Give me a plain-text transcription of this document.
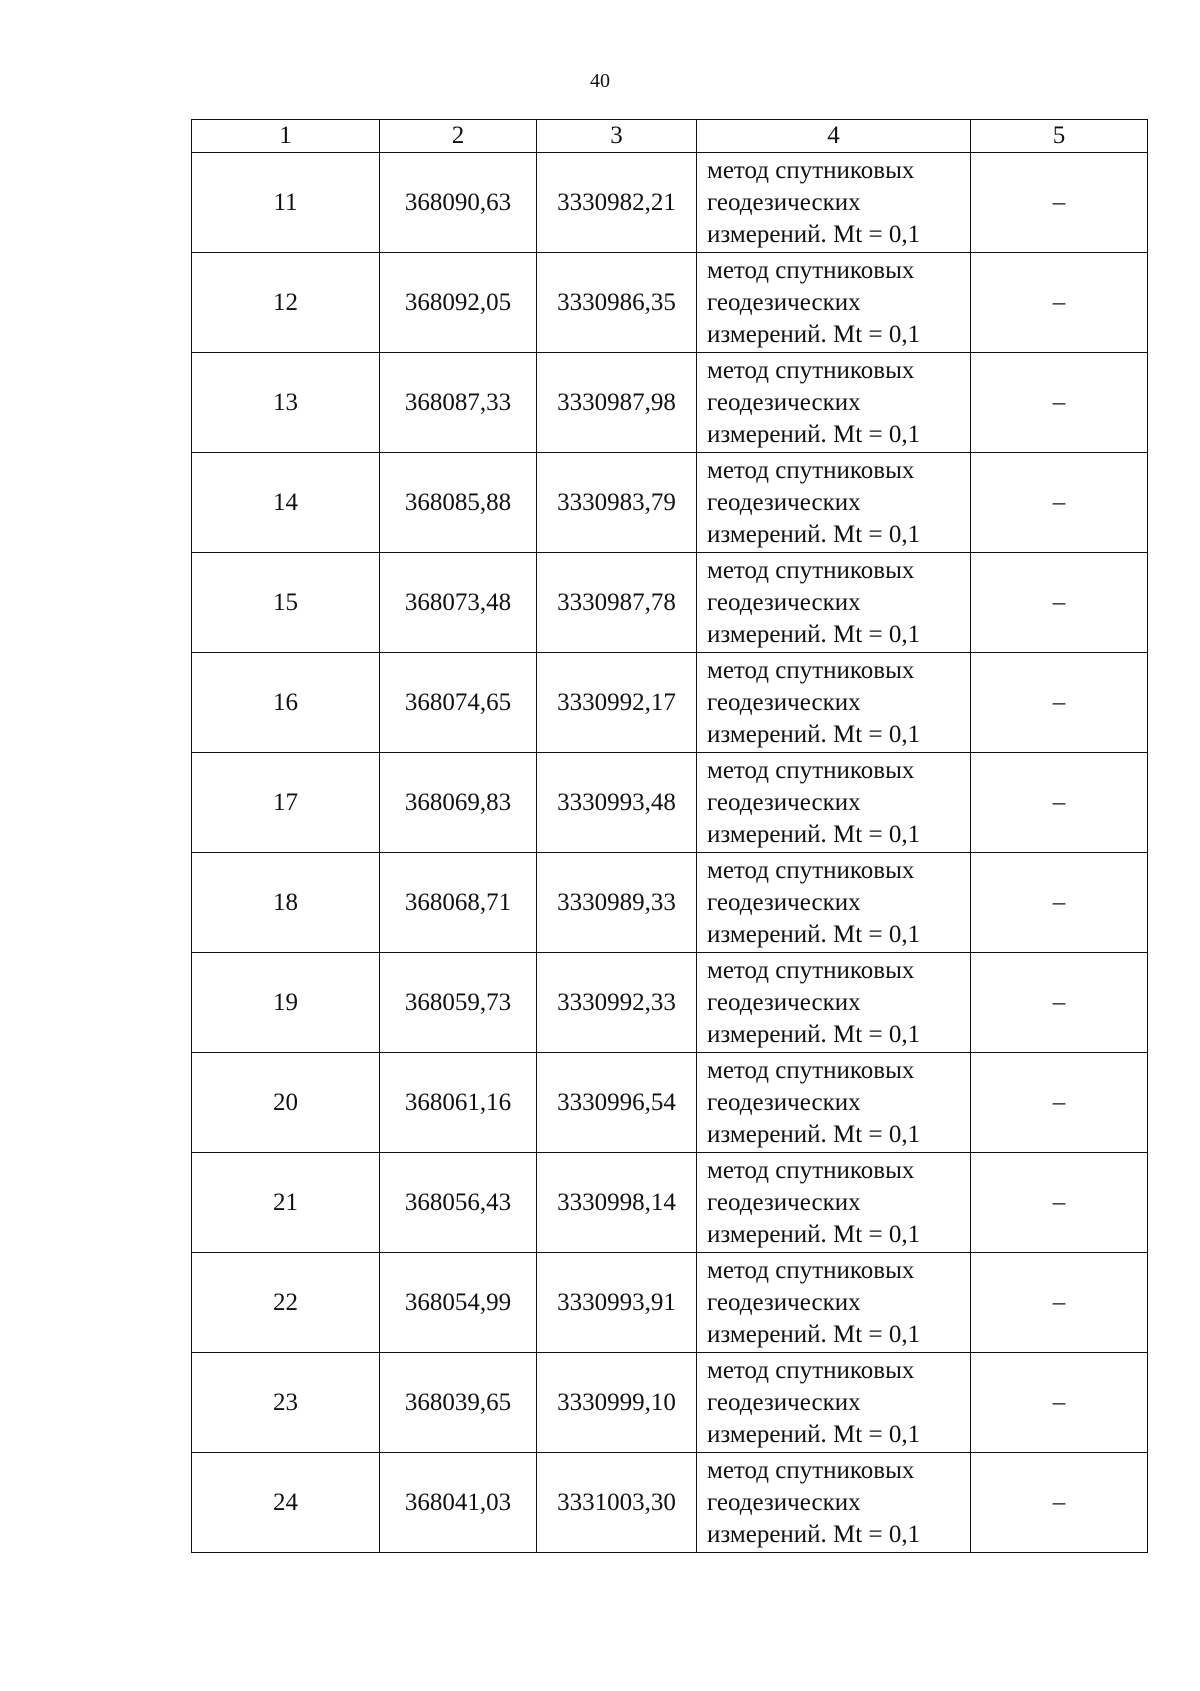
40
1	2	3	4	5
11	368090,63	3330982,21	метод спутниковых
геодезических
измерений. Mt = 0,1	–
12	368092,05	3330986,35	метод спутниковых
геодезических
измерений. Mt = 0,1	–
13	368087,33	3330987,98	метод спутниковых
геодезических
измерений. Mt = 0,1	–
14	368085,88	3330983,79	метод спутниковых
геодезических
измерений. Mt = 0,1	–
15	368073,48	3330987,78	метод спутниковых
геодезических
измерений. Mt = 0,1	–
16	368074,65	3330992,17	метод спутниковых
геодезических
измерений. Mt = 0,1	–
17	368069,83	3330993,48	метод спутниковых
геодезических
измерений. Mt = 0,1	–
18	368068,71	3330989,33	метод спутниковых
геодезических
измерений. Mt = 0,1	–
19	368059,73	3330992,33	метод спутниковых
геодезических
измерений. Mt = 0,1	–
20	368061,16	3330996,54	метод спутниковых
геодезических
измерений. Mt = 0,1	–
21	368056,43	3330998,14	метод спутниковых
геодезических
измерений. Mt = 0,1	–
22	368054,99	3330993,91	метод спутниковых
геодезических
измерений. Mt = 0,1	–
23	368039,65	3330999,10	метод спутниковых
геодезических
измерений. Mt = 0,1	–
24	368041,03	3331003,30	метод спутниковых
геодезических
измерений. Mt = 0,1	–
